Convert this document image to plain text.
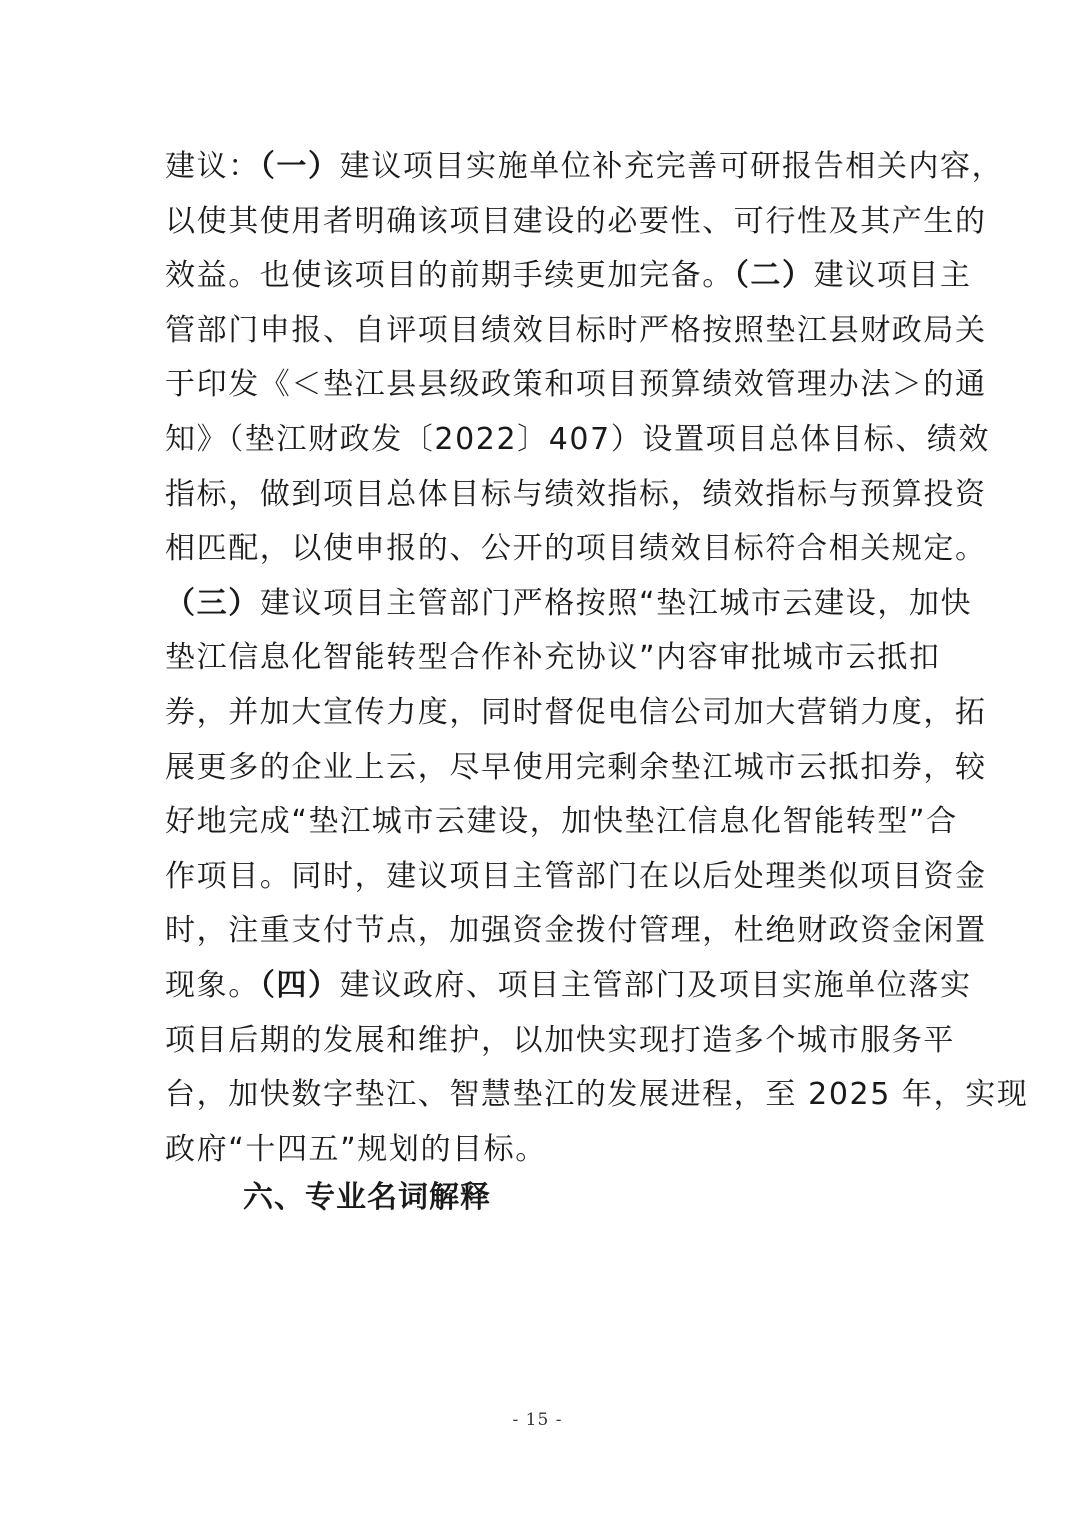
建议：（一）建议项目实施单位补充完善可研报告相关内容，
以使其使用者明确该项目建设的必要性、可行性及其产生的
效益。也使该项目的前期手续更加完备。（二）建议项目主
管部门申报、自评项目绩效目标时严格按照垫江县财政局关
于印发《＜垫江县县级政策和项目预算绩效管理办法＞的通
知》（垫江财政发〔2022〕407）设置项目总体目标、绩效
指标，做到项目总体目标与绩效指标，绩效指标与预算投资
相匹配，以使申报的、公开的项目绩效目标符合相关规定。
（三）建议项目主管部门严格按照“垫江城市云建设，加快
垫江信息化智能转型合作补充协议”内容审批城市云抵扣
券，并加大宣传力度，同时督促电信公司加大营销力度，拓
展更多的企业上云，尽早使用完剩余垫江城市云抵扣券，较
好地完成“垫江城市云建设，加快垫江信息化智能转型”合
作项目。同时，建议项目主管部门在以后处理类似项目资金
时，注重支付节点，加强资金拨付管理，杜绝财政资金闲置
现象。（四）建议政府、项目主管部门及项目实施单位落实
项目后期的发展和维护，以加快实现打造多个城市服务平
台，加快数字垫江、智慧垫江的发展进程，至 2025 年，实现
政府“十四五”规划的目标。
六、专业名词解释
- 15 -
